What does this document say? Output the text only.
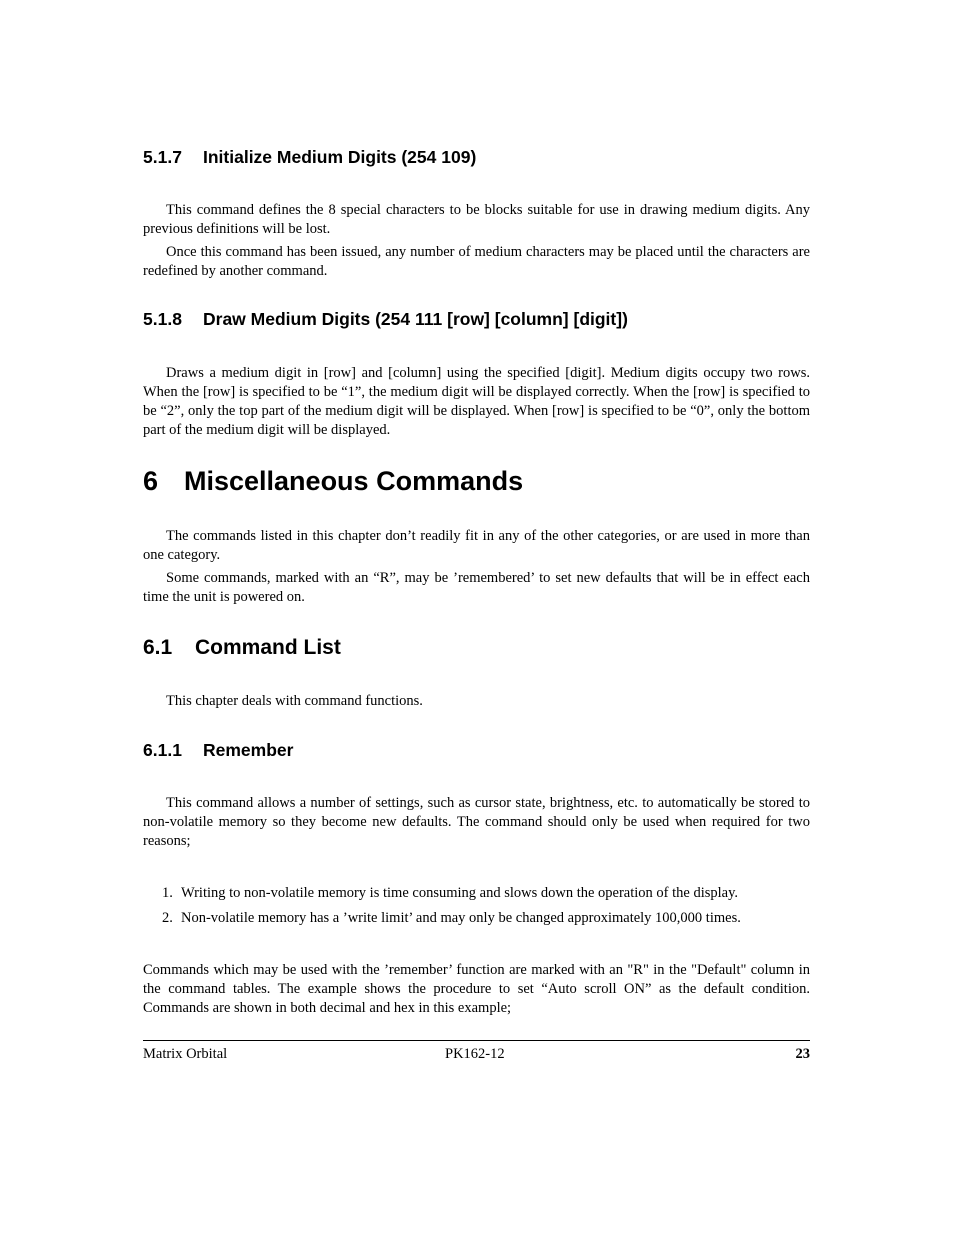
5.1.7 Initialize Medium Digits (254 109)

This command defines the 8 special characters to be blocks suitable for use in drawing medium digits. Any previous definitions will be lost.

Once this command has been issued, any number of medium characters may be placed until the characters are redefined by another command.

5.1.8 Draw Medium Digits (254 111 [row] [column] [digit])

Draws a medium digit in [row] and [column] using the specified [digit]. Medium digits occupy two rows. When the [row] is specified to be “1”, the medium digit will be displayed correctly. When the [row] is specified to be “2”, only the top part of the medium digit will be displayed. When [row] is specified to be “0”, only the bottom part of the medium digit will be displayed.

6 Miscellaneous Commands

The commands listed in this chapter don’t readily fit in any of the other categories, or are used in more than one category.

Some commands, marked with an “R”, may be ’remembered’ to set new defaults that will be in effect each time the unit is powered on.

6.1 Command List

This chapter deals with command functions.

6.1.1 Remember

This command allows a number of settings, such as cursor state, brightness, etc. to automatically be stored to non-volatile memory so they become new defaults. The command should only be used when required for two reasons;

1. Writing to non-volatile memory is time consuming and slows down the operation of the display.
2. Non-volatile memory has a ’write limit’ and may only be changed approximately 100,000 times.

Commands which may be used with the ’remember’ function are marked with an "R" in the "Default" column in the command tables. The example shows the procedure to set “Auto scroll ON” as the default condition. Commands are shown in both decimal and hex in this example;

Matrix Orbital	PK162-12	23
